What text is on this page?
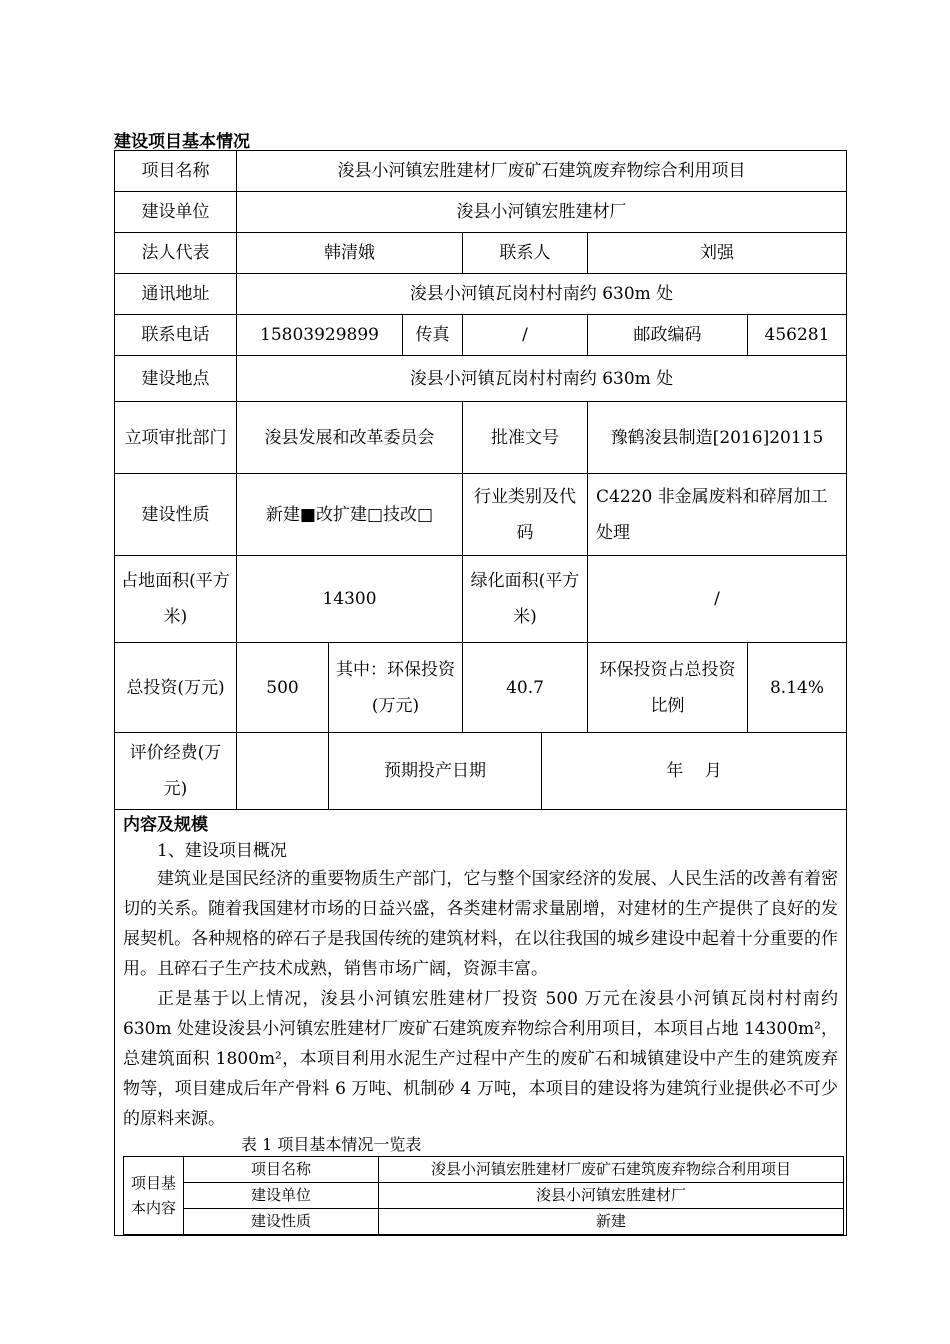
建设项目基本情况
项目名称	浚县小河镇宏胜建材厂废矿石建筑废弃物综合利用项目
建设单位	浚县小河镇宏胜建材厂
法人代表	韩清娥	联系人	刘强
通讯地址	浚县小河镇瓦岗村村南约 630m 处
联系电话	15803929899	传真	/	邮政编码	456281
建设地点	浚县小河镇瓦岗村村南约 630m 处
立项审批部门	浚县发展和改革委员会	批准文号	豫鹤浚县制造[2016]20115
建设性质	新建■改扩建□技改□	行业类别及代码	C4220 非金属废料和碎屑加工处理
占地面积(平方米)	14300	绿化面积(平方米)	/
总投资(万元)	500	其中：环保投资(万元)	40.7	环保投资占总投资比例	8.14%
评价经费(万元)		预期投产日期	年    月

内容及规模
1、建设项目概况

建筑业是国民经济的重要物质生产部门，它与整个国家经济的发展、人民生活的改善有着密切的关系。随着我国建材市场的日益兴盛，各类建材需求量剧增，对建材的生产提供了良好的发展契机。各种规格的碎石子是我国传统的建筑材料，在以往我国的城乡建设中起着十分重要的作用。且碎石子生产技术成熟，销售市场广阔，资源丰富。

正是基于以上情况，浚县小河镇宏胜建材厂投资 500 万元在浚县小河镇瓦岗村村南约 630m 处建设浚县小河镇宏胜建材厂废矿石建筑废弃物综合利用项目，本项目占地 14300m²，总建筑面积 1800m²，本项目利用水泥生产过程中产生的废矿石和城镇建设中产生的建筑废弃物等，项目建成后年产骨料 6 万吨、机制砂 4 万吨，本项目的建设将为建筑行业提供必不可少的原料来源。

表 1 项目基本情况一览表
项目基本内容	项目名称	浚县小河镇宏胜建材厂废矿石建筑废弃物综合利用项目
建设单位	浚县小河镇宏胜建材厂
建设性质	新建
